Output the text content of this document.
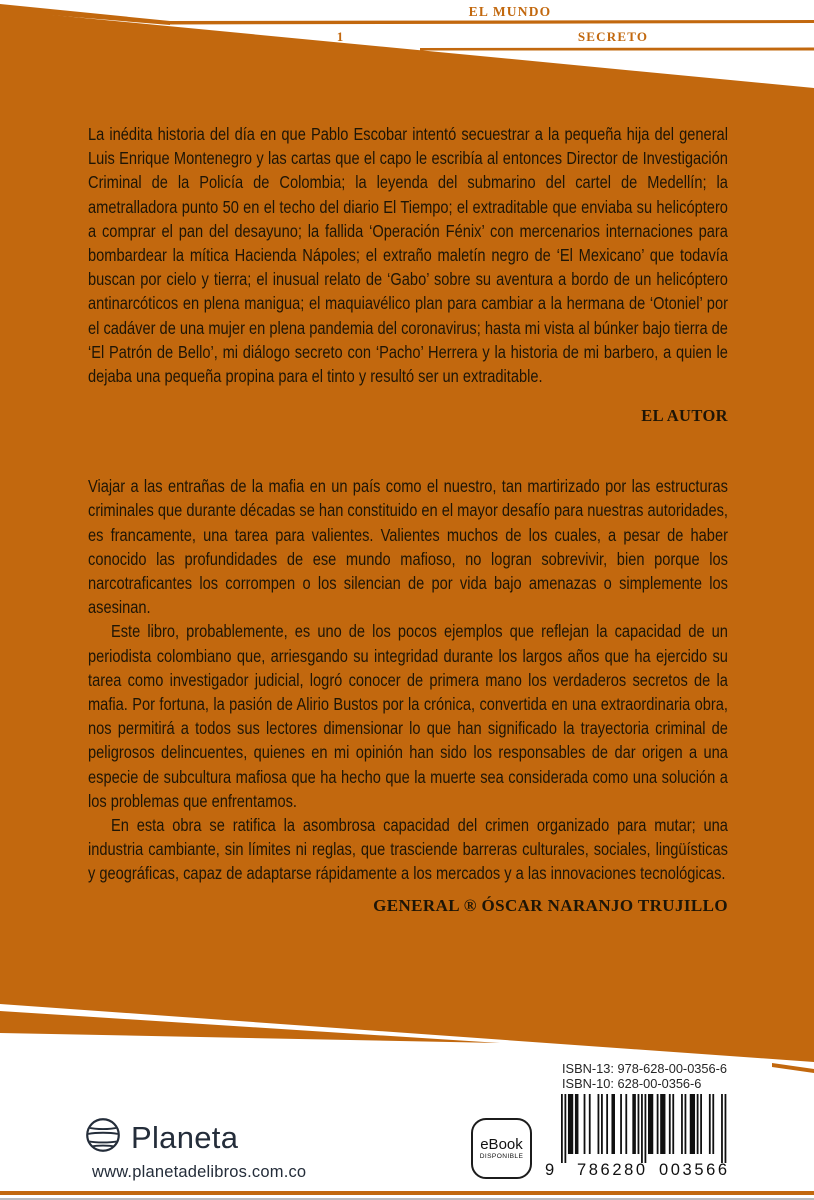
EL MUNDO
1	SECRETO

La inédita historia del día en que Pablo Escobar intentó secuestrar a la pequeña hija del general Luis Enrique Montenegro y las cartas que el capo le escribía al entonces Director de Investigación Criminal de la Policía de Colombia; la leyenda del submarino del cartel de Medellín; la ametralladora punto 50 en el techo del diario El Tiempo; el extraditable que enviaba su helicóptero a comprar el pan del desayuno; la fallida ‘Operación Fénix’ con mercenarios internaciones para bombardear la mítica Hacienda Nápoles; el extraño maletín negro de ‘El Mexicano’ que todavía buscan por cielo y tierra; el inusual relato de ‘Gabo’ sobre su aventura a bordo de un helicóptero antinarcóticos en plena manigua; el maquiavélico plan para cambiar a la hermana de ‘Otoniel’ por el cadáver de una mujer en plena pandemia del coronavirus; hasta mi vista al búnker bajo tierra de ‘El Patrón de Bello’, mi diálogo secreto con ‘Pacho’ Herrera y la historia de mi barbero, a quien le dejaba una pequeña propina para el tinto y resultó ser un extraditable.

EL AUTOR

Viajar a las entrañas de la mafia en un país como el nuestro, tan martirizado por las estructuras criminales que durante décadas se han constituido en el mayor desafío para nuestras autoridades, es francamente, una tarea para valientes. Valientes muchos de los cuales, a pesar de haber conocido las profundidades de ese mundo mafioso, no logran sobrevivir, bien porque los narcotraficantes los corrompen o los silencian de por vida bajo amenazas o simplemente los asesinan.

Este libro, probablemente, es uno de los pocos ejemplos que reflejan la capacidad de un periodista colombiano que, arriesgando su integridad durante los largos años que ha ejercido su tarea como investigador judicial, logró conocer de primera mano los verdaderos secretos de la mafia. Por fortuna, la pasión de Alirio Bustos por la crónica, convertida en una extraordinaria obra, nos permitirá a todos sus lectores dimensionar lo que han significado la trayectoria criminal de peligrosos delincuentes, quienes en mi opinión han sido los responsables de dar origen a una especie de subcultura mafiosa que ha hecho que la muerte sea considerada como una solución a los problemas que enfrentamos.

En esta obra se ratifica la asombrosa capacidad del crimen organizado para mutar; una industria cambiante, sin límites ni reglas, que trasciende barreras culturales, sociales, lingüísticas y geográficas, capaz de adaptarse rápidamente a los mercados y a las innovaciones tecnológicas.

GENERAL ® ÓSCAR NARANJO TRUJILLO
Planeta
www.planetadelibros.com.co
eBook
DISPONIBLE
ISBN-13: 978-628-00-0356-6
ISBN-10: 628-00-0356-6
9 786280 003566
